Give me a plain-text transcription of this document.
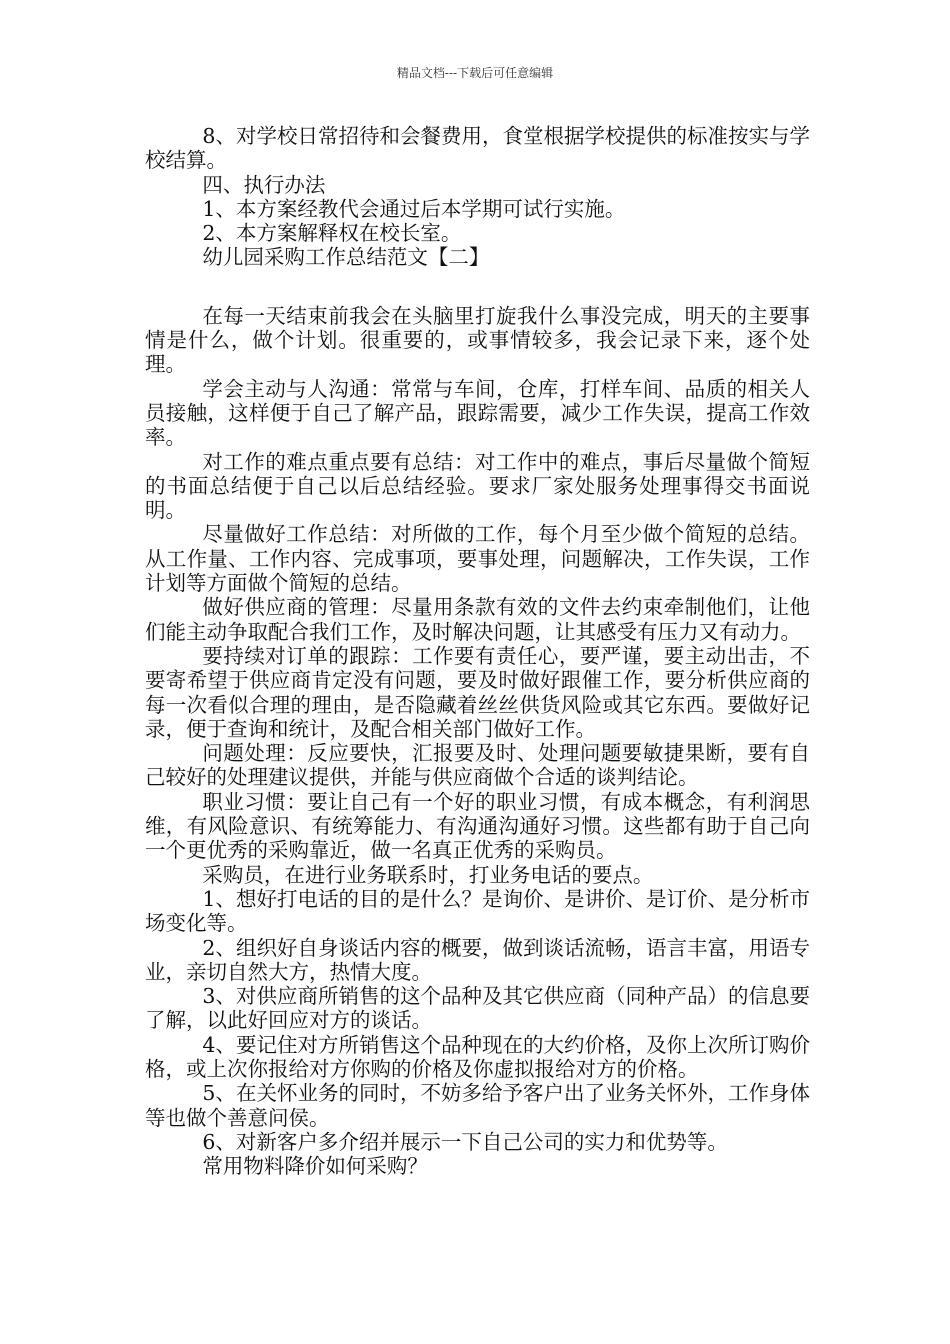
精品文档---下载后可任意编辑

8、对学校日常招待和会餐费用，食堂根据学校提供的标准按实与学校结算。

四、执行办法

1、本方案经教代会通过后本学期可试行实施。

2、本方案解释权在校长室。

幼儿园采购工作总结范文【二】

在每一天结束前我会在头脑里打旋我什么事没完成，明天的主要事情是什么，做个计划。很重要的，或事情较多，我会记录下来，逐个处理。

学会主动与人沟通：常常与车间，仓库，打样车间、品质的相关人员接触，这样便于自己了解产品，跟踪需要，减少工作失误，提高工作效率。

对工作的难点重点要有总结：对工作中的难点，事后尽量做个简短的书面总结便于自己以后总结经验。要求厂家处服务处理事得交书面说明。

尽量做好工作总结：对所做的工作，每个月至少做个简短的总结。从工作量、工作内容、完成事项，要事处理，问题解决，工作失误，工作计划等方面做个简短的总结。

做好供应商的管理：尽量用条款有效的文件去约束牵制他们，让他们能主动争取配合我们工作，及时解决问题，让其感受有压力又有动力。

要持续对订单的跟踪：工作要有责任心，要严谨，要主动出击，不要寄希望于供应商肯定没有问题，要及时做好跟催工作，要分析供应商的每一次看似合理的理由，是否隐藏着丝丝供货风险或其它东西。要做好记录，便于查询和统计，及配合相关部门做好工作。

问题处理：反应要快，汇报要及时、处理问题要敏捷果断，要有自己较好的处理建议提供，并能与供应商做个合适的谈判结论。

职业习惯：要让自己有一个好的职业习惯，有成本概念，有利润思维，有风险意识、有统筹能力、有沟通沟通好习惯。这些都有助于自己向一个更优秀的采购靠近，做一名真正优秀的采购员。

采购员，在进行业务联系时，打业务电话的要点。

1、想好打电话的目的是什么？是询价、是讲价、是订价、是分析市场变化等。

2、组织好自身谈话内容的概要，做到谈话流畅，语言丰富，用语专业，亲切自然大方，热情大度。

3、对供应商所销售的这个品种及其它供应商（同种产品）的信息要了解，以此好回应对方的谈话。

4、要记住对方所销售这个品种现在的大约价格，及你上次所订购价格，或上次你报给对方你购的价格及你虚拟报给对方的价格。

5、在关怀业务的同时，不妨多给予客户出了业务关怀外，工作身体等也做个善意问侯。

6、对新客户多介绍并展示一下自己公司的实力和优势等。

常用物料降价如何采购？
